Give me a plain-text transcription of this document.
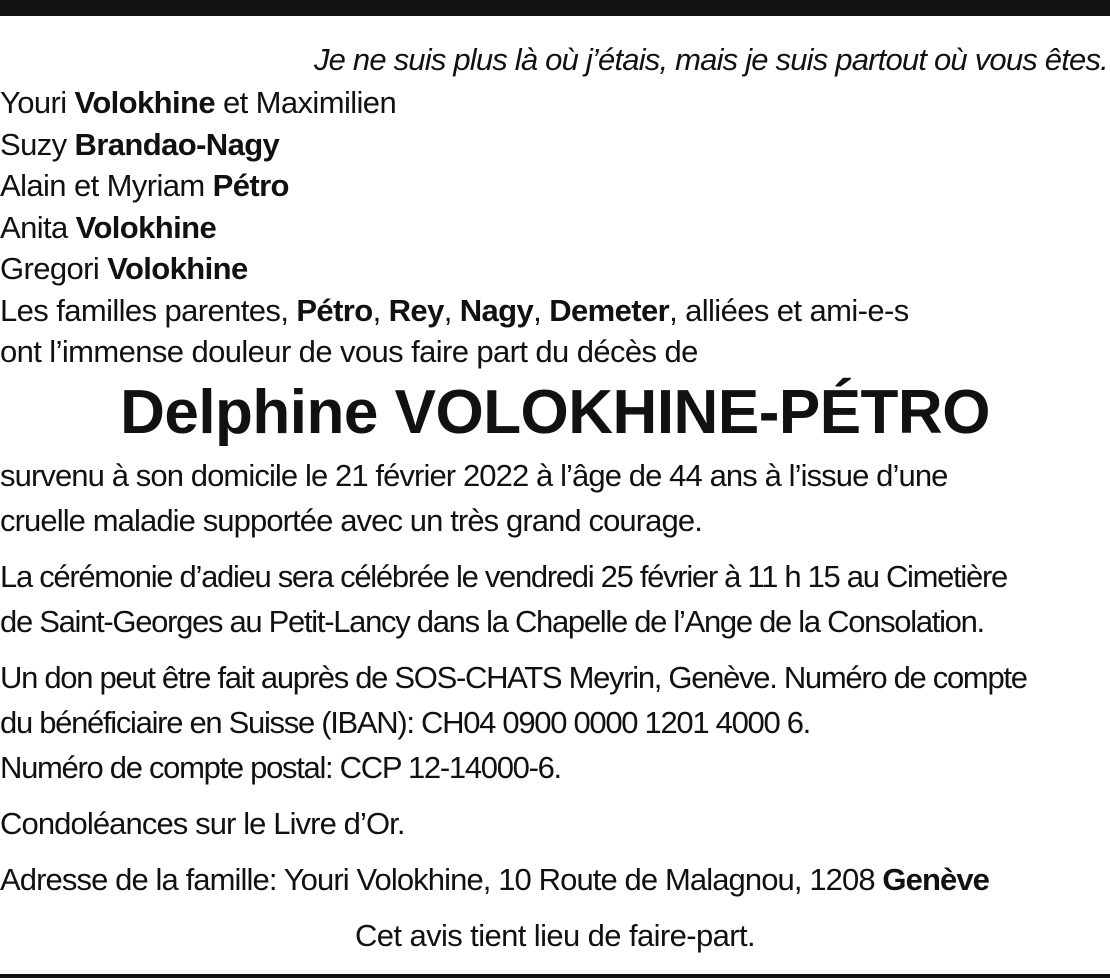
Je ne suis plus là où j’étais, mais je suis partout où vous êtes.
Youri Volokhine et Maximilien
Suzy Brandao-Nagy
Alain et Myriam Pétro
Anita Volokhine
Gregori Volokhine
Les familles parentes, Pétro, Rey, Nagy, Demeter, alliées et ami-e-s
ont l’immense douleur de vous faire part du décès de
Delphine VOLOKHINE-PÉTRO
survenu à son domicile le 21 février 2022 à l’âge de 44 ans à l’issue d’une
cruelle maladie supportée avec un très grand courage.
La cérémonie d’adieu sera célébrée le vendredi 25 février à 11 h 15 au Cimetière
de Saint-Georges au Petit-Lancy dans la Chapelle de l’Ange de la Consolation.
Un don peut être fait auprès de SOS-CHATS Meyrin, Genève. Numéro de compte
du bénéficiaire en Suisse (IBAN): CH04 0900 0000 1201 4000 6.
Numéro de compte postal: CCP 12-14000-6.
Condoléances sur le Livre d’Or.
Adresse de la famille: Youri Volokhine, 10 Route de Malagnou, 1208 Genève
Cet avis tient lieu de faire-part.
